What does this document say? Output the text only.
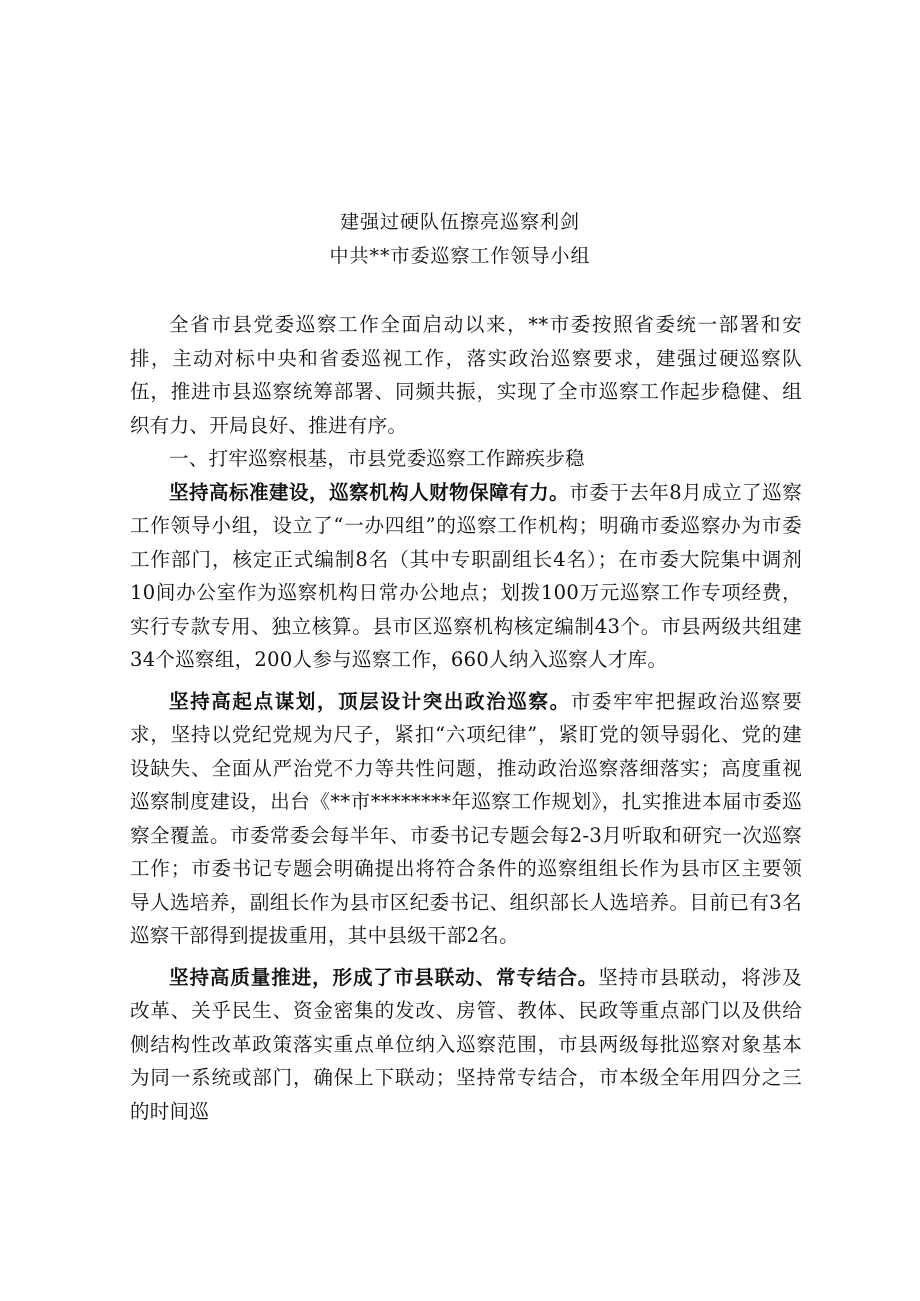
建强过硬队伍擦亮巡察利剑

中共**市委巡察工作领导小组

全省市县党委巡察工作全面启动以来，**市委按照省委统一部署和安排，主动对标中央和省委巡视工作，落实政治巡察要求，建强过硬巡察队伍，推进市县巡察统筹部署、同频共振，实现了全市巡察工作起步稳健、组织有力、开局良好、推进有序。

一、打牢巡察根基，市县党委巡察工作蹄疾步稳

坚持高标准建设，巡察机构人财物保障有力。市委于去年8月成立了巡察工作领导小组，设立了“一办四组”的巡察工作机构；明确市委巡察办为市委工作部门，核定正式编制8名（其中专职副组长4名）；在市委大院集中调剂10间办公室作为巡察机构日常办公地点；划拨100万元巡察工作专项经费，实行专款专用、独立核算。县市区巡察机构核定编制43个。市县两级共组建34个巡察组，200人参与巡察工作，660人纳入巡察人才库。

坚持高起点谋划，顶层设计突出政治巡察。市委牢牢把握政治巡察要求，坚持以党纪党规为尺子，紧扣“六项纪律”，紧盯党的领导弱化、党的建设缺失、全面从严治党不力等共性问题，推动政治巡察落细落实；高度重视巡察制度建设，出台《**市********年巡察工作规划》，扎实推进本届市委巡察全覆盖。市委常委会每半年、市委书记专题会每2-3月听取和研究一次巡察工作；市委书记专题会明确提出将符合条件的巡察组组长作为县市区主要领导人选培养，副组长作为县市区纪委书记、组织部长人选培养。目前已有3名巡察干部得到提拔重用，其中县级干部2名。

坚持高质量推进，形成了市县联动、常专结合。坚持市县联动，将涉及改革、关乎民生、资金密集的发改、房管、教体、民政等重点部门以及供给侧结构性改革政策落实重点单位纳入巡察范围，市县两级每批巡察对象基本为同一系统或部门，确保上下联动；坚持常专结合，市本级全年用四分之三的时间巡
